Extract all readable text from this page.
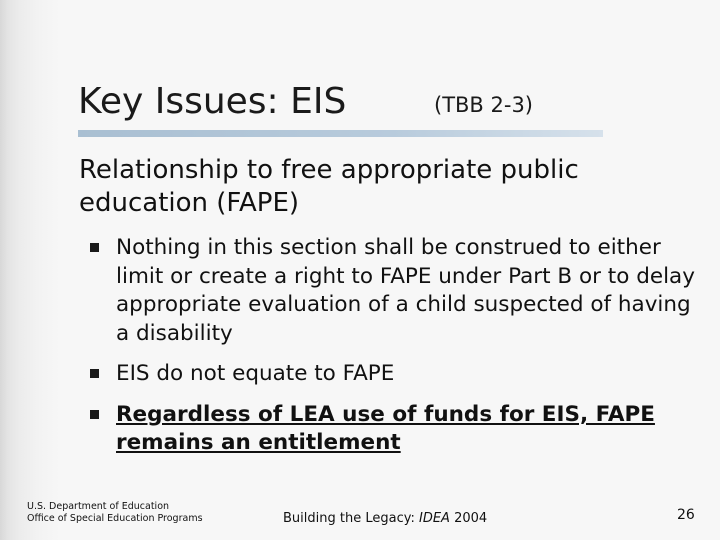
Key Issues: EIS	(TBB 2-3)
Relationship to free appropriate public education (FAPE)
Nothing in this section shall be construed to either limit or create a right to FAPE under Part B or to delay appropriate evaluation of a child suspected of having a disability
EIS do not equate to FAPE
Regardless of LEA use of funds for EIS, FAPE remains an entitlement
U.S. Department of Education
Office of Special Education Programs	Building the Legacy: IDEA 2004	26
